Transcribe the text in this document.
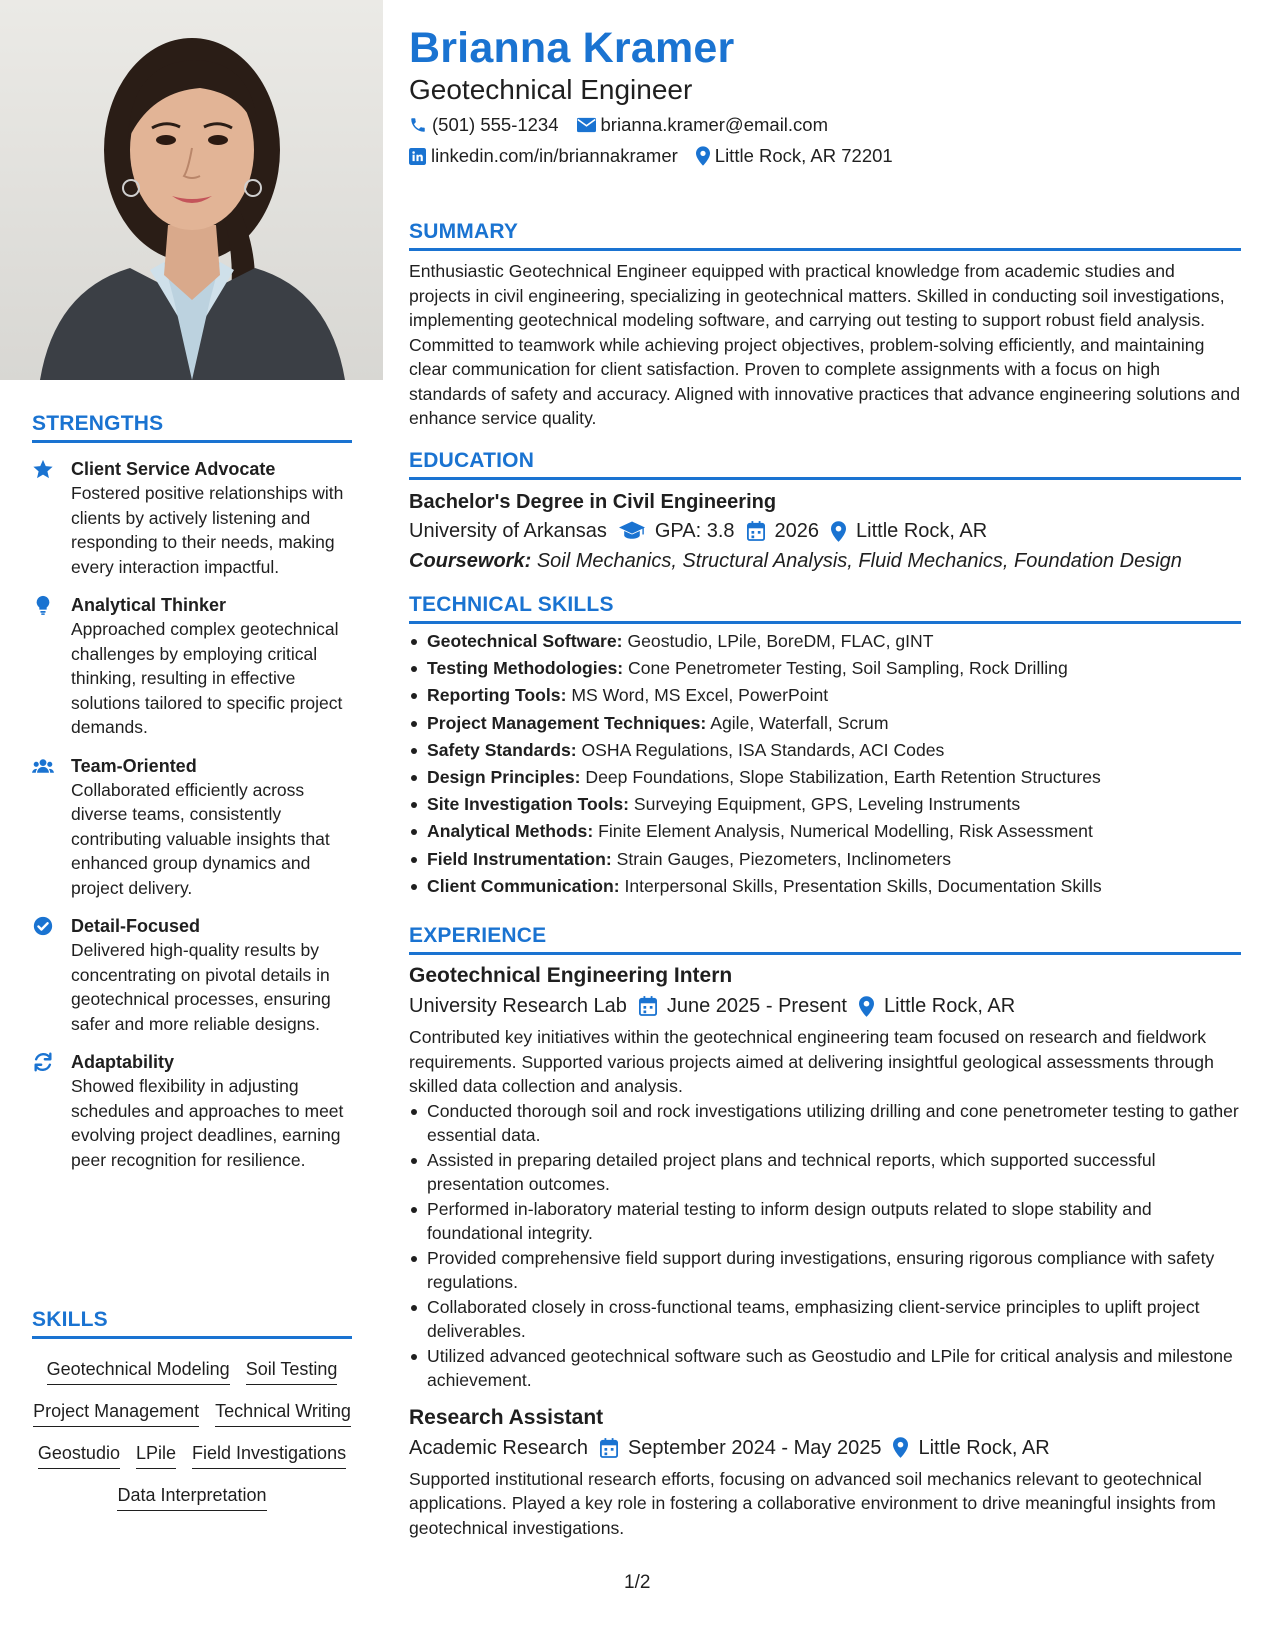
STRENGTHS
Client Service Advocate
Fostered positive relationships with clients by actively listening and responding to their needs, making every interaction impactful.
Analytical Thinker
Approached complex geotechnical challenges by employing critical thinking, resulting in effective solutions tailored to specific project demands.
Team-Oriented
Collaborated efficiently across diverse teams, consistently contributing valuable insights that enhanced group dynamics and project delivery.
Detail-Focused
Delivered high-quality results by concentrating on pivotal details in geotechnical processes, ensuring safer and more reliable designs.
Adaptability
Showed flexibility in adjusting schedules and approaches to meet evolving project deadlines, earning peer recognition for resilience.
SKILLS
Geotechnical Modeling Soil Testing
Project Management Technical Writing
Geostudio LPile Field Investigations
Data Interpretation
Brianna Kramer
Geotechnical Engineer
(501) 555-1234 brianna.kramer@email.com
linkedin.com/in/briannakramer Little Rock, AR 72201
SUMMARY
Enthusiastic Geotechnical Engineer equipped with practical knowledge from academic studies and projects in civil engineering, specializing in geotechnical matters. Skilled in conducting soil investigations, implementing geotechnical modeling software, and carrying out testing to support robust field analysis. Committed to teamwork while achieving project objectives, problem-solving efficiently, and maintaining clear communication for client satisfaction. Proven to complete assignments with a focus on high standards of safety and accuracy. Aligned with innovative practices that advance engineering solutions and enhance service quality.
EDUCATION
Bachelor's Degree in Civil Engineering
University of Arkansas GPA: 3.8 2026 Little Rock, AR
Coursework: Soil Mechanics, Structural Analysis, Fluid Mechanics, Foundation Design
TECHNICAL SKILLS
Geotechnical Software: Geostudio, LPile, BoreDM, FLAC, gINT
Testing Methodologies: Cone Penetrometer Testing, Soil Sampling, Rock Drilling
Reporting Tools: MS Word, MS Excel, PowerPoint
Project Management Techniques: Agile, Waterfall, Scrum
Safety Standards: OSHA Regulations, ISA Standards, ACI Codes
Design Principles: Deep Foundations, Slope Stabilization, Earth Retention Structures
Site Investigation Tools: Surveying Equipment, GPS, Leveling Instruments
Analytical Methods: Finite Element Analysis, Numerical Modelling, Risk Assessment
Field Instrumentation: Strain Gauges, Piezometers, Inclinometers
Client Communication: Interpersonal Skills, Presentation Skills, Documentation Skills
EXPERIENCE
Geotechnical Engineering Intern
University Research Lab June 2025 - Present Little Rock, AR
Contributed key initiatives within the geotechnical engineering team focused on research and fieldwork requirements. Supported various projects aimed at delivering insightful geological assessments through skilled data collection and analysis.
Conducted thorough soil and rock investigations utilizing drilling and cone penetrometer testing to gather essential data.
Assisted in preparing detailed project plans and technical reports, which supported successful presentation outcomes.
Performed in-laboratory material testing to inform design outputs related to slope stability and foundational integrity.
Provided comprehensive field support during investigations, ensuring rigorous compliance with safety regulations.
Collaborated closely in cross-functional teams, emphasizing client-service principles to uplift project deliverables.
Utilized advanced geotechnical software such as Geostudio and LPile for critical analysis and milestone achievement.
Research Assistant
Academic Research September 2024 - May 2025 Little Rock, AR
Supported institutional research efforts, focusing on advanced soil mechanics relevant to geotechnical applications. Played a key role in fostering a collaborative environment to drive meaningful insights from geotechnical investigations.
1/2
